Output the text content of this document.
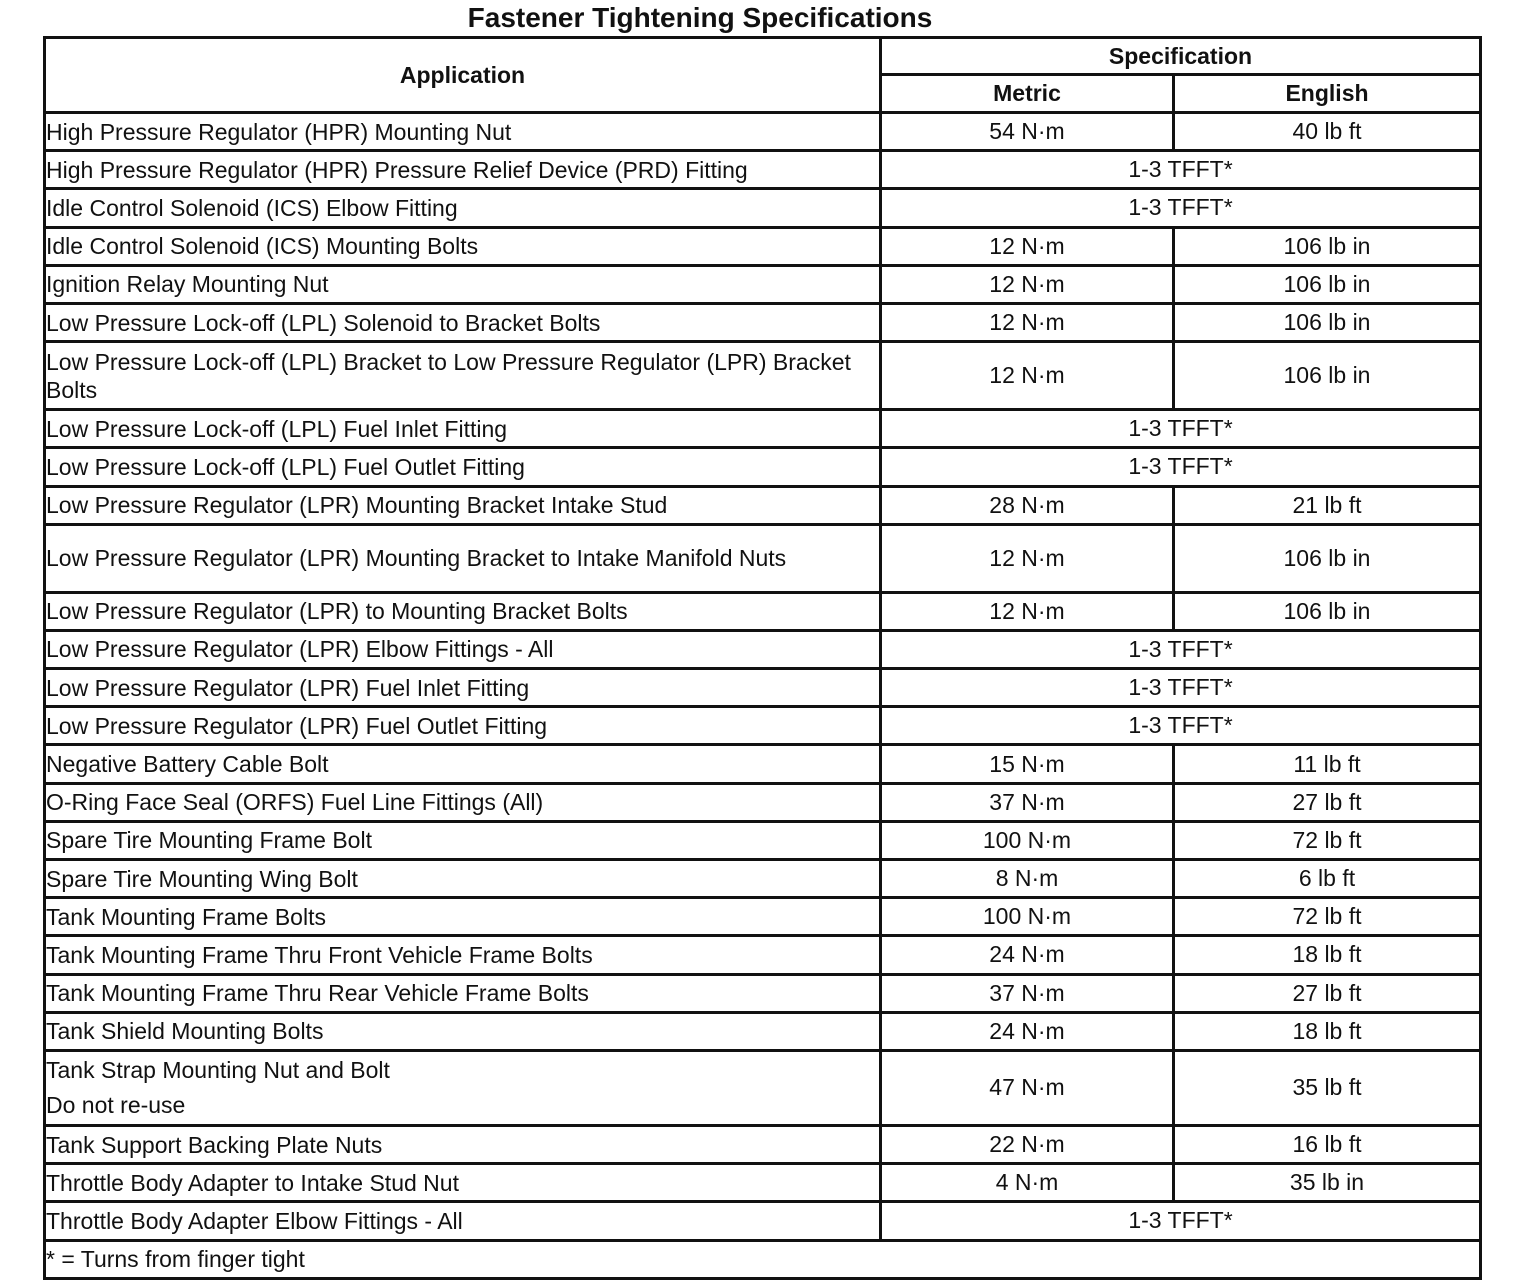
Fastener Tightening Specifications
Application	Specification	
	Metric	English
High Pressure Regulator (HPR) Mounting Nut	54 N·m	40 lb ft
High Pressure Regulator (HPR) Pressure Relief Device (PRD) Fitting	1-3 TFFT*	
Idle Control Solenoid (ICS) Elbow Fitting	1-3 TFFT*	
Idle Control Solenoid (ICS) Mounting Bolts	12 N·m	106 lb in
Ignition Relay Mounting Nut	12 N·m	106 lb in
Low Pressure Lock-off (LPL) Solenoid to Bracket Bolts	12 N·m	106 lb in
Low Pressure Lock-off (LPL) Bracket to Low Pressure Regulator (LPR) Bracket Bolts	12 N·m	106 lb in
Low Pressure Lock-off (LPL) Fuel Inlet Fitting	1-3 TFFT*	
Low Pressure Lock-off (LPL) Fuel Outlet Fitting	1-3 TFFT*	
Low Pressure Regulator (LPR) Mounting Bracket Intake Stud	28 N·m	21 lb ft
Low Pressure Regulator (LPR) Mounting Bracket to Intake Manifold Nuts	12 N·m	106 lb in
Low Pressure Regulator (LPR) to Mounting Bracket Bolts	12 N·m	106 lb in
Low Pressure Regulator (LPR) Elbow Fittings - All	1-3 TFFT*	
Low Pressure Regulator (LPR) Fuel Inlet Fitting	1-3 TFFT*	
Low Pressure Regulator (LPR) Fuel Outlet Fitting	1-3 TFFT*	
Negative Battery Cable Bolt	15 N·m	11 lb ft
O-Ring Face Seal (ORFS) Fuel Line Fittings (All)	37 N·m	27 lb ft
Spare Tire Mounting Frame Bolt	100 N·m	72 lb ft
Spare Tire Mounting Wing Bolt	8 N·m	6 lb ft
Tank Mounting Frame Bolts	100 N·m	72 lb ft
Tank Mounting Frame Thru Front Vehicle Frame Bolts	24 N·m	18 lb ft
Tank Mounting Frame Thru Rear Vehicle Frame Bolts	37 N·m	27 lb ft
Tank Shield Mounting Bolts	24 N·m	18 lb ft
Tank Strap Mounting Nut and Bolt
Do not re-use	47 N·m	35 lb ft
Tank Support Backing Plate Nuts	22 N·m	16 lb ft
Throttle Body Adapter to Intake Stud Nut	4 N·m	35 lb in
Throttle Body Adapter Elbow Fittings - All	1-3 TFFT*	
* = Turns from finger tight		
